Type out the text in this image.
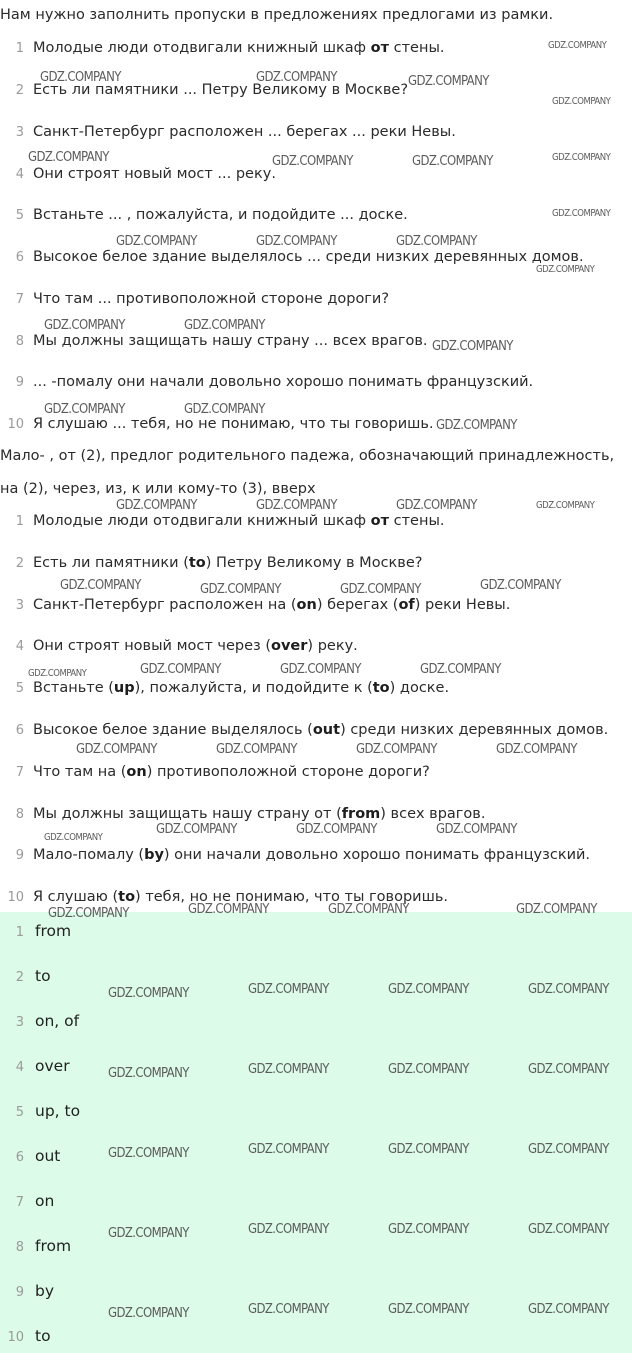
Нам нужно заполнить пропуски в предложениях предлогами из рамки.
1 Молодые люди отодвигали книжный шкаф от стены.
2 Есть ли памятники ... Петру Великому в Москве?
3 Санкт-Петербург расположен ... берегах ... реки Невы.
4 Они строят новый мост ... реку.
5 Встаньте ... , пожалуйста, и подойдите ... доске.
6 Высокое белое здание выделялось ... среди низких деревянных домов.
7 Что там ... противоположной стороне дороги?
8 Мы должны защищать нашу страну ... всех врагов.
9 ... -помалу они начали довольно хорошо понимать французский.
10 Я слушаю ... тебя, но не понимаю, что ты говоришь.
Мало- , от (2), предлог родительного падежа, обозначающий принадлежность,
на (2), через, из, к или кому-то (3), вверх
1 Молодые люди отодвигали книжный шкаф от стены.
2 Есть ли памятники (to) Петру Великому в Москве?
3 Санкт-Петербург расположен на (on) берегах (of) реки Невы.
4 Они строят новый мост через (over) реку.
5 Встаньте (up), пожалуйста, и подойдите к (to) доске.
6 Высокое белое здание выделялось (out) среди низких деревянных домов.
7 Что там на (on) противоположной стороне дороги?
8 Мы должны защищать нашу страну от (from) всех врагов.
9 Мало-помалу (by) они начали довольно хорошо понимать французский.
10 Я слушаю (to) тебя, но не понимаю, что ты говоришь.
1 from
2 to
3 on, of
4 over
5 up, to
6 out
7 on
8 from
9 by
10 to
GDZ.COMPANY
GDZ.COMPANY	GDZ.COMPANY	GDZ.COMPANY
GDZ.COMPANY
GDZ.COMPANY	GDZ.COMPANY	GDZ.COMPANY	GDZ.COMPANY
GDZ.COMPANY
GDZ.COMPANY	GDZ.COMPANY	GDZ.COMPANY
GDZ.COMPANY
GDZ.COMPANY	GDZ.COMPANY
GDZ.COMPANY
GDZ.COMPANY	GDZ.COMPANY
GDZ.COMPANY
GDZ.COMPANY	GDZ.COMPANY	GDZ.COMPANY	GDZ.COMPANY
GDZ.COMPANY	GDZ.COMPANY	GDZ.COMPANY	GDZ.COMPANY
GDZ.COMPANY	GDZ.COMPANY	GDZ.COMPANY	GDZ.COMPANY
GDZ.COMPANY	GDZ.COMPANY	GDZ.COMPANY	GDZ.COMPANY
GDZ.COMPANY
GDZ.COMPANY	GDZ.COMPANY	GDZ.COMPANY
GDZ.COMPANY	GDZ.COMPANY	GDZ.COMPANY	GDZ.COMPANY
GDZ.COMPANY	GDZ.COMPANY	GDZ.COMPANY	GDZ.COMPANY
GDZ.COMPANY	GDZ.COMPANY	GDZ.COMPANY	GDZ.COMPANY
GDZ.COMPANY	GDZ.COMPANY	GDZ.COMPANY	GDZ.COMPANY
GDZ.COMPANY	GDZ.COMPANY	GDZ.COMPANY	GDZ.COMPANY
GDZ.COMPANY	GDZ.COMPANY	GDZ.COMPANY	GDZ.COMPANY
